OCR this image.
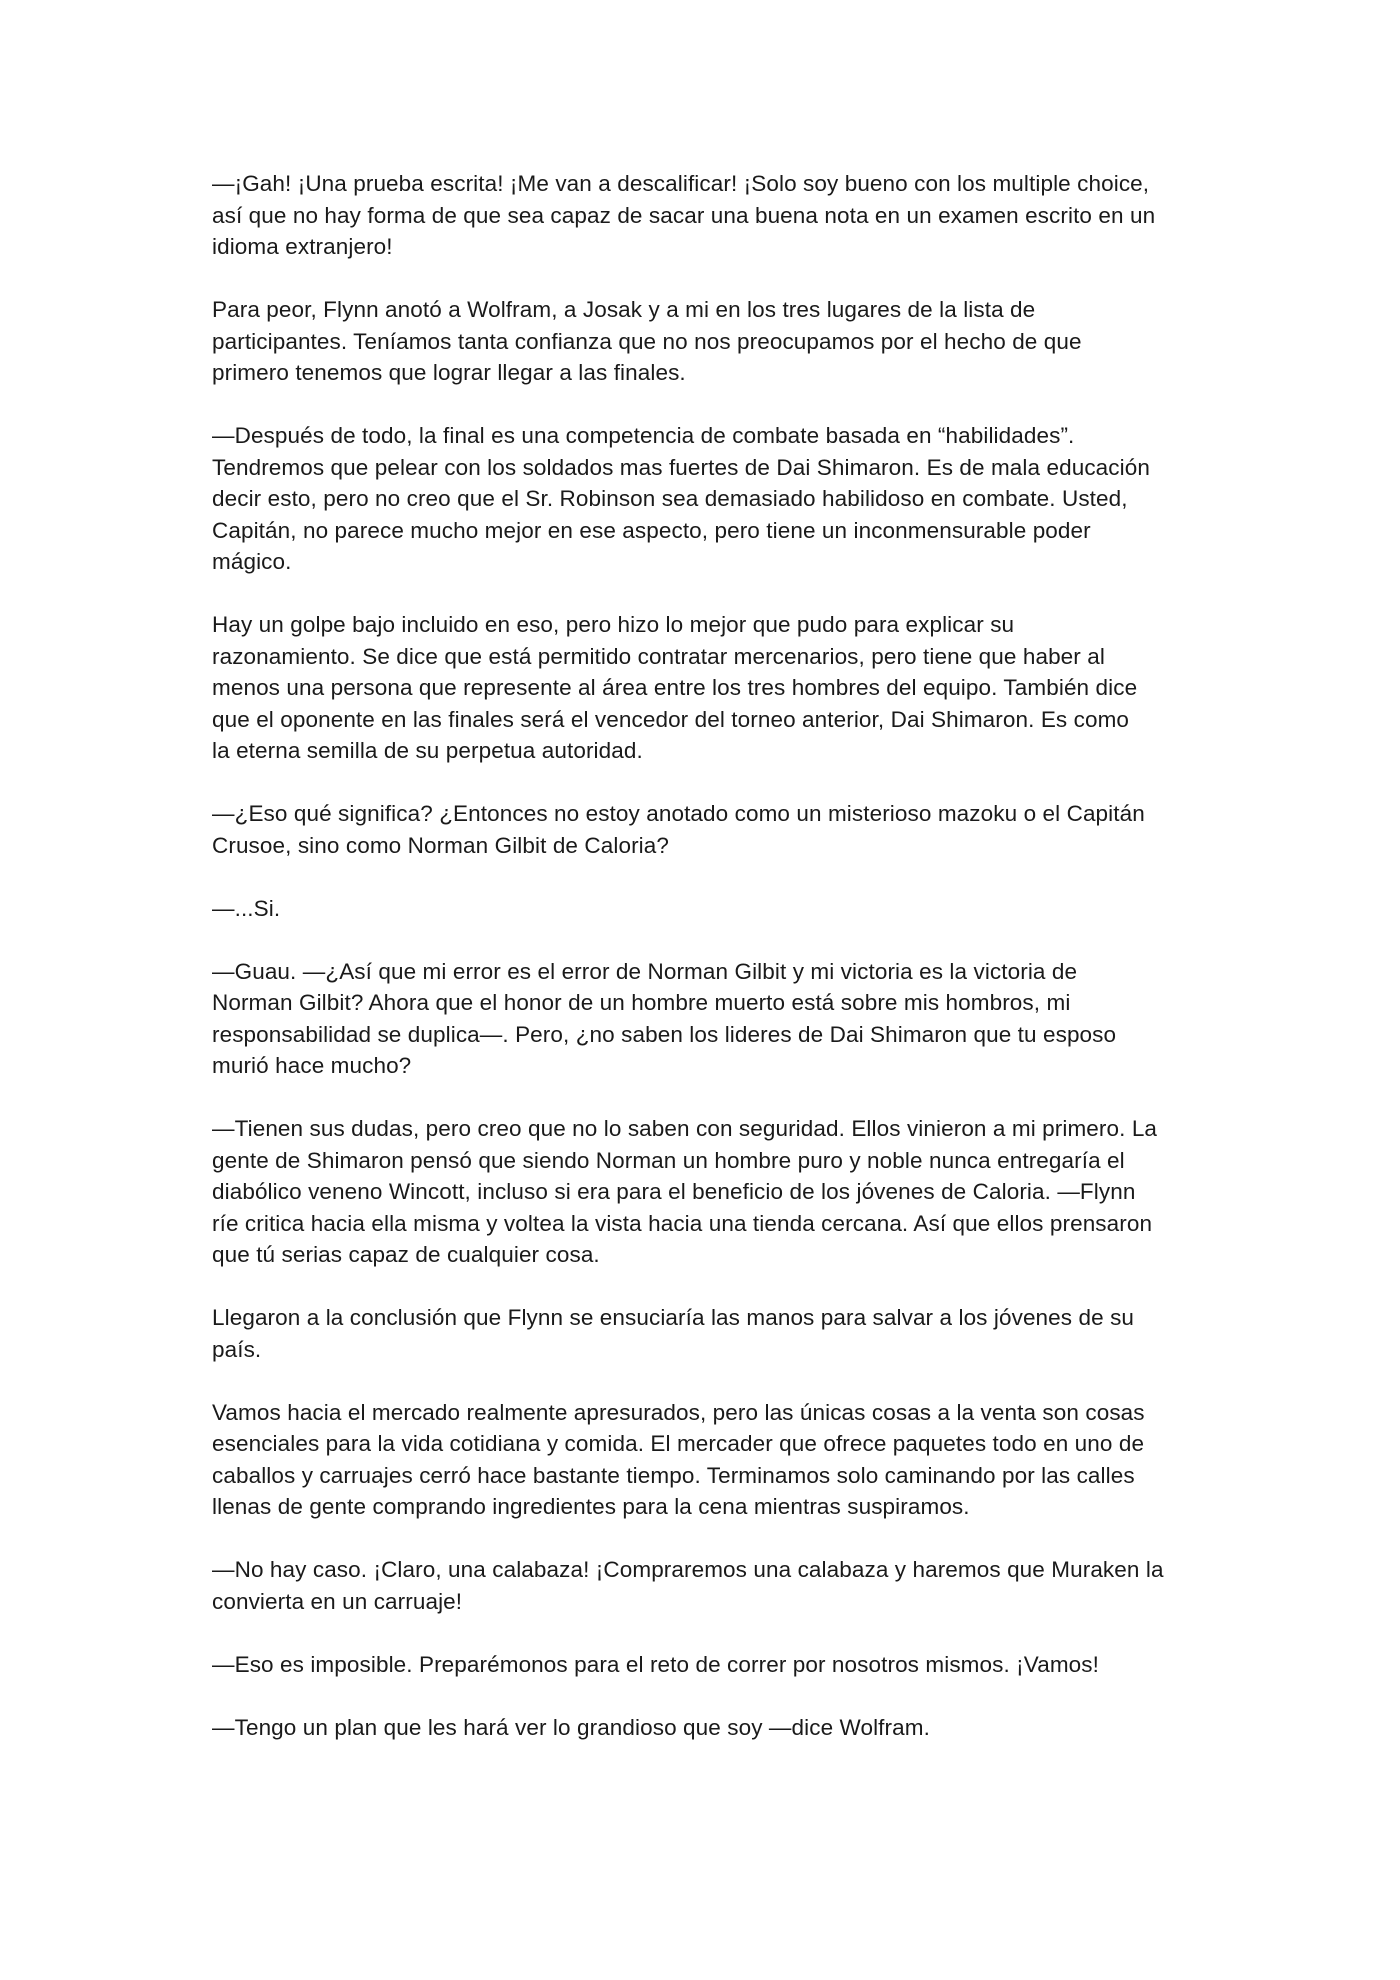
—¡Gah! ¡Una prueba escrita! ¡Me van a descalificar! ¡Solo soy bueno con los multiple choice,
así que no hay forma de que sea capaz de sacar una buena nota en un examen escrito en un
idioma extranjero!

Para peor, Flynn anotó a Wolfram, a Josak y a mi en los tres lugares de la lista de
participantes. Teníamos tanta confianza que no nos preocupamos por el hecho de que
primero tenemos que lograr llegar a las finales.

—Después de todo, la final es una competencia de combate basada en “habilidades”.
Tendremos que pelear con los soldados mas fuertes de Dai Shimaron. Es de mala educación
decir esto, pero no creo que el Sr. Robinson sea demasiado habilidoso en combate. Usted,
Capitán, no parece mucho mejor en ese aspecto, pero tiene un inconmensurable poder
mágico.

Hay un golpe bajo incluido en eso, pero hizo lo mejor que pudo para explicar su
razonamiento. Se dice que está permitido contratar mercenarios, pero tiene que haber al
menos una persona que represente al área entre los tres hombres del equipo. También dice
que el oponente en las finales será el vencedor del torneo anterior, Dai Shimaron. Es como
la eterna semilla de su perpetua autoridad.

—¿Eso qué significa? ¿Entonces no estoy anotado como un misterioso mazoku o el Capitán
Crusoe, sino como Norman Gilbit de Caloria?

—...Si.

—Guau. —¿Así que mi error es el error de Norman Gilbit y mi victoria es la victoria de
Norman Gilbit? Ahora que el honor de un hombre muerto está sobre mis hombros, mi
responsabilidad se duplica—. Pero, ¿no saben los lideres de Dai Shimaron que tu esposo
murió hace mucho?

—Tienen sus dudas, pero creo que no lo saben con seguridad. Ellos vinieron a mi primero. La
gente de Shimaron pensó que siendo Norman un hombre puro y noble nunca entregaría el
diabólico veneno Wincott, incluso si era para el beneficio de los jóvenes de Caloria. —Flynn
ríe critica hacia ella misma y voltea la vista hacia una tienda cercana. Así que ellos prensaron
que tú serias capaz de cualquier cosa.

Llegaron a la conclusión que Flynn se ensuciaría las manos para salvar a los jóvenes de su
país.

Vamos hacia el mercado realmente apresurados, pero las únicas cosas a la venta son cosas
esenciales para la vida cotidiana y comida. El mercader que ofrece paquetes todo en uno de
caballos y carruajes cerró hace bastante tiempo. Terminamos solo caminando por las calles
llenas de gente comprando ingredientes para la cena mientras suspiramos.

—No hay caso. ¡Claro, una calabaza! ¡Compraremos una calabaza y haremos que Muraken la
convierta en un carruaje!

—Eso es imposible. Preparémonos para el reto de correr por nosotros mismos. ¡Vamos!

—Tengo un plan que les hará ver lo grandioso que soy —dice Wolfram.
